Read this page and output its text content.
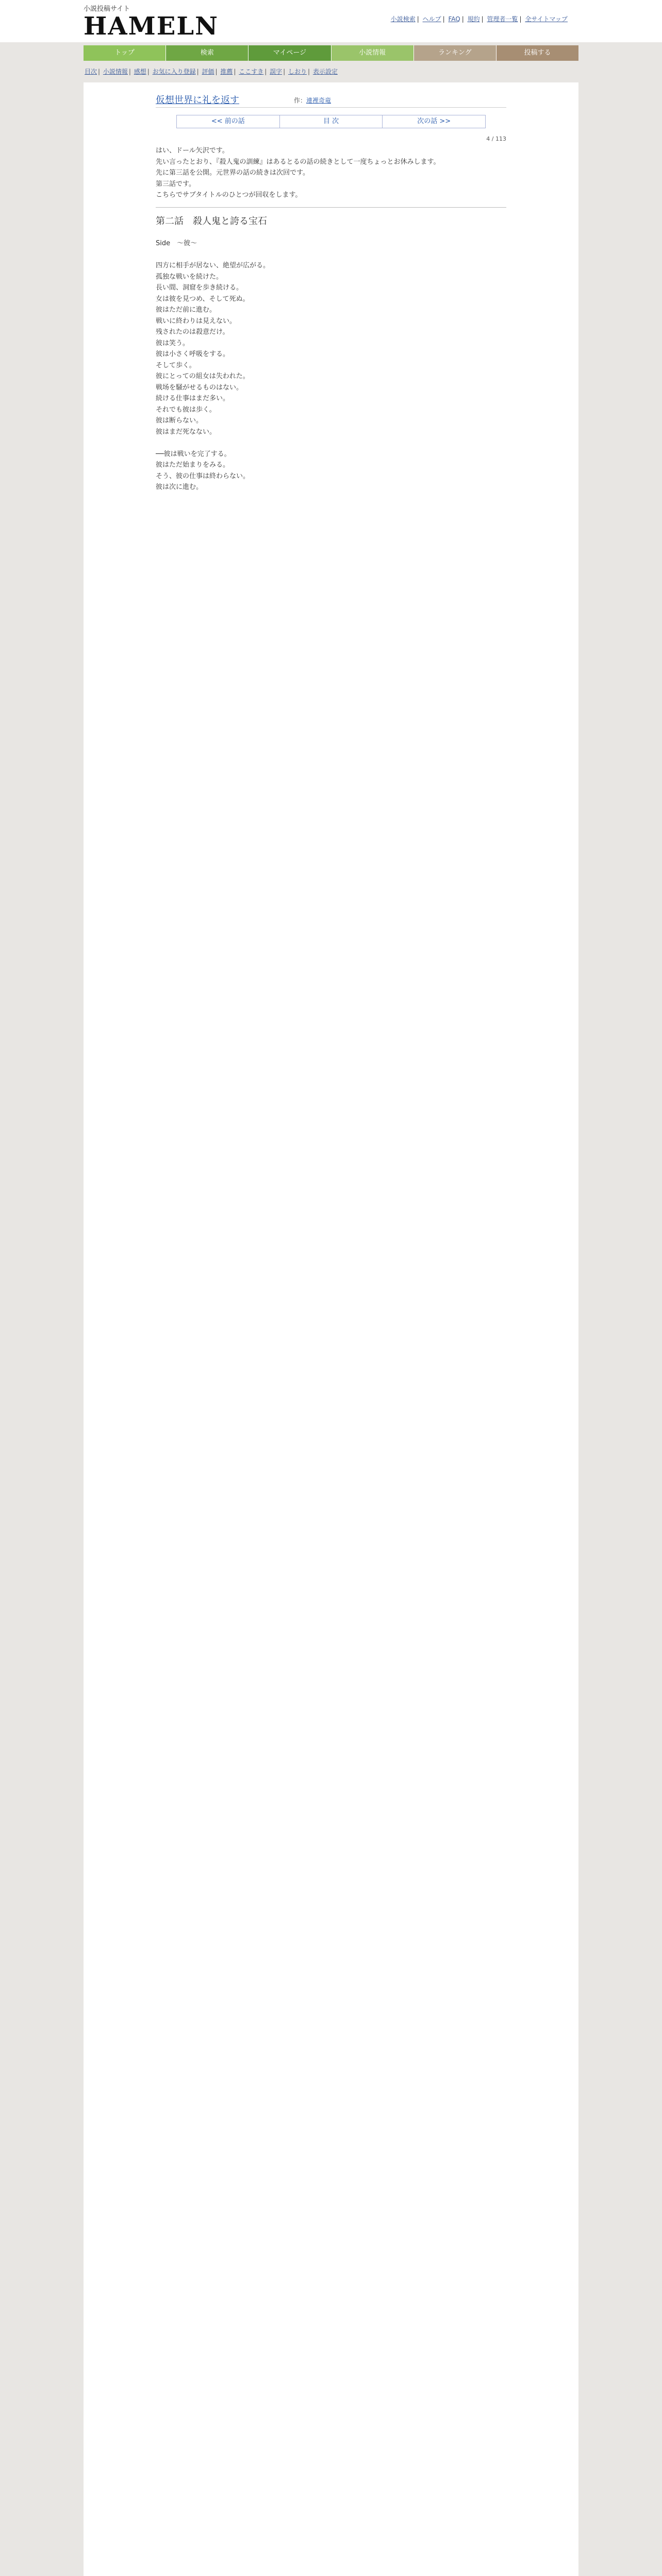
小説投稿サイト
HAMELN	小説検索 | ヘルプ | FAQ | 規約 | 管理者一覧 | 全サイトマップ
トップ	検索	マイページ	小説情報	ランキング	投稿する
目次 | 小説情報 | 感想 | お気に入り登録 | 評価 | 推薦 | ここすき | 誤字 | しおり | 表示設定
仮想世界に礼を返す	作：連裡奇竜
<< 前の話	目 次	次の話 >>
4 / 113

はい、ドール矢沢です。

先い言ったとおり、『殺人鬼の訓練』はあるとるの話の続きとして一度ちょっとお休みします。

先に第三話を公開。元世界の話の続きは次回です。

第三話です。

こちらでサブタイトルのひとつが回収をします。

第二話　殺人鬼と誇る宝石

Side　～彼～

四方に相手が居ない、絶望が広がる。

孤独な戦いを続けた。

長い間、洞窟を歩き続ける。

女は彼を見つめ、そして死ぬ。

彼はただ前に進む。

戦いに終わりは見えない。

残されたのは殺意だけ。

彼は笑う。

彼は小さく呼吸をする。

そして歩く。

彼にとっての組女は失われた。

戦场を騒がせるものはない。

続ける仕事はまだ多い。

それでも彼は歩く。

彼は断らない。

彼はまだ死なない。

──彼は戦いを完了する。

彼はただ始まりをみる。

そう、彼の仕事は終わらない。

彼は次に進む。
